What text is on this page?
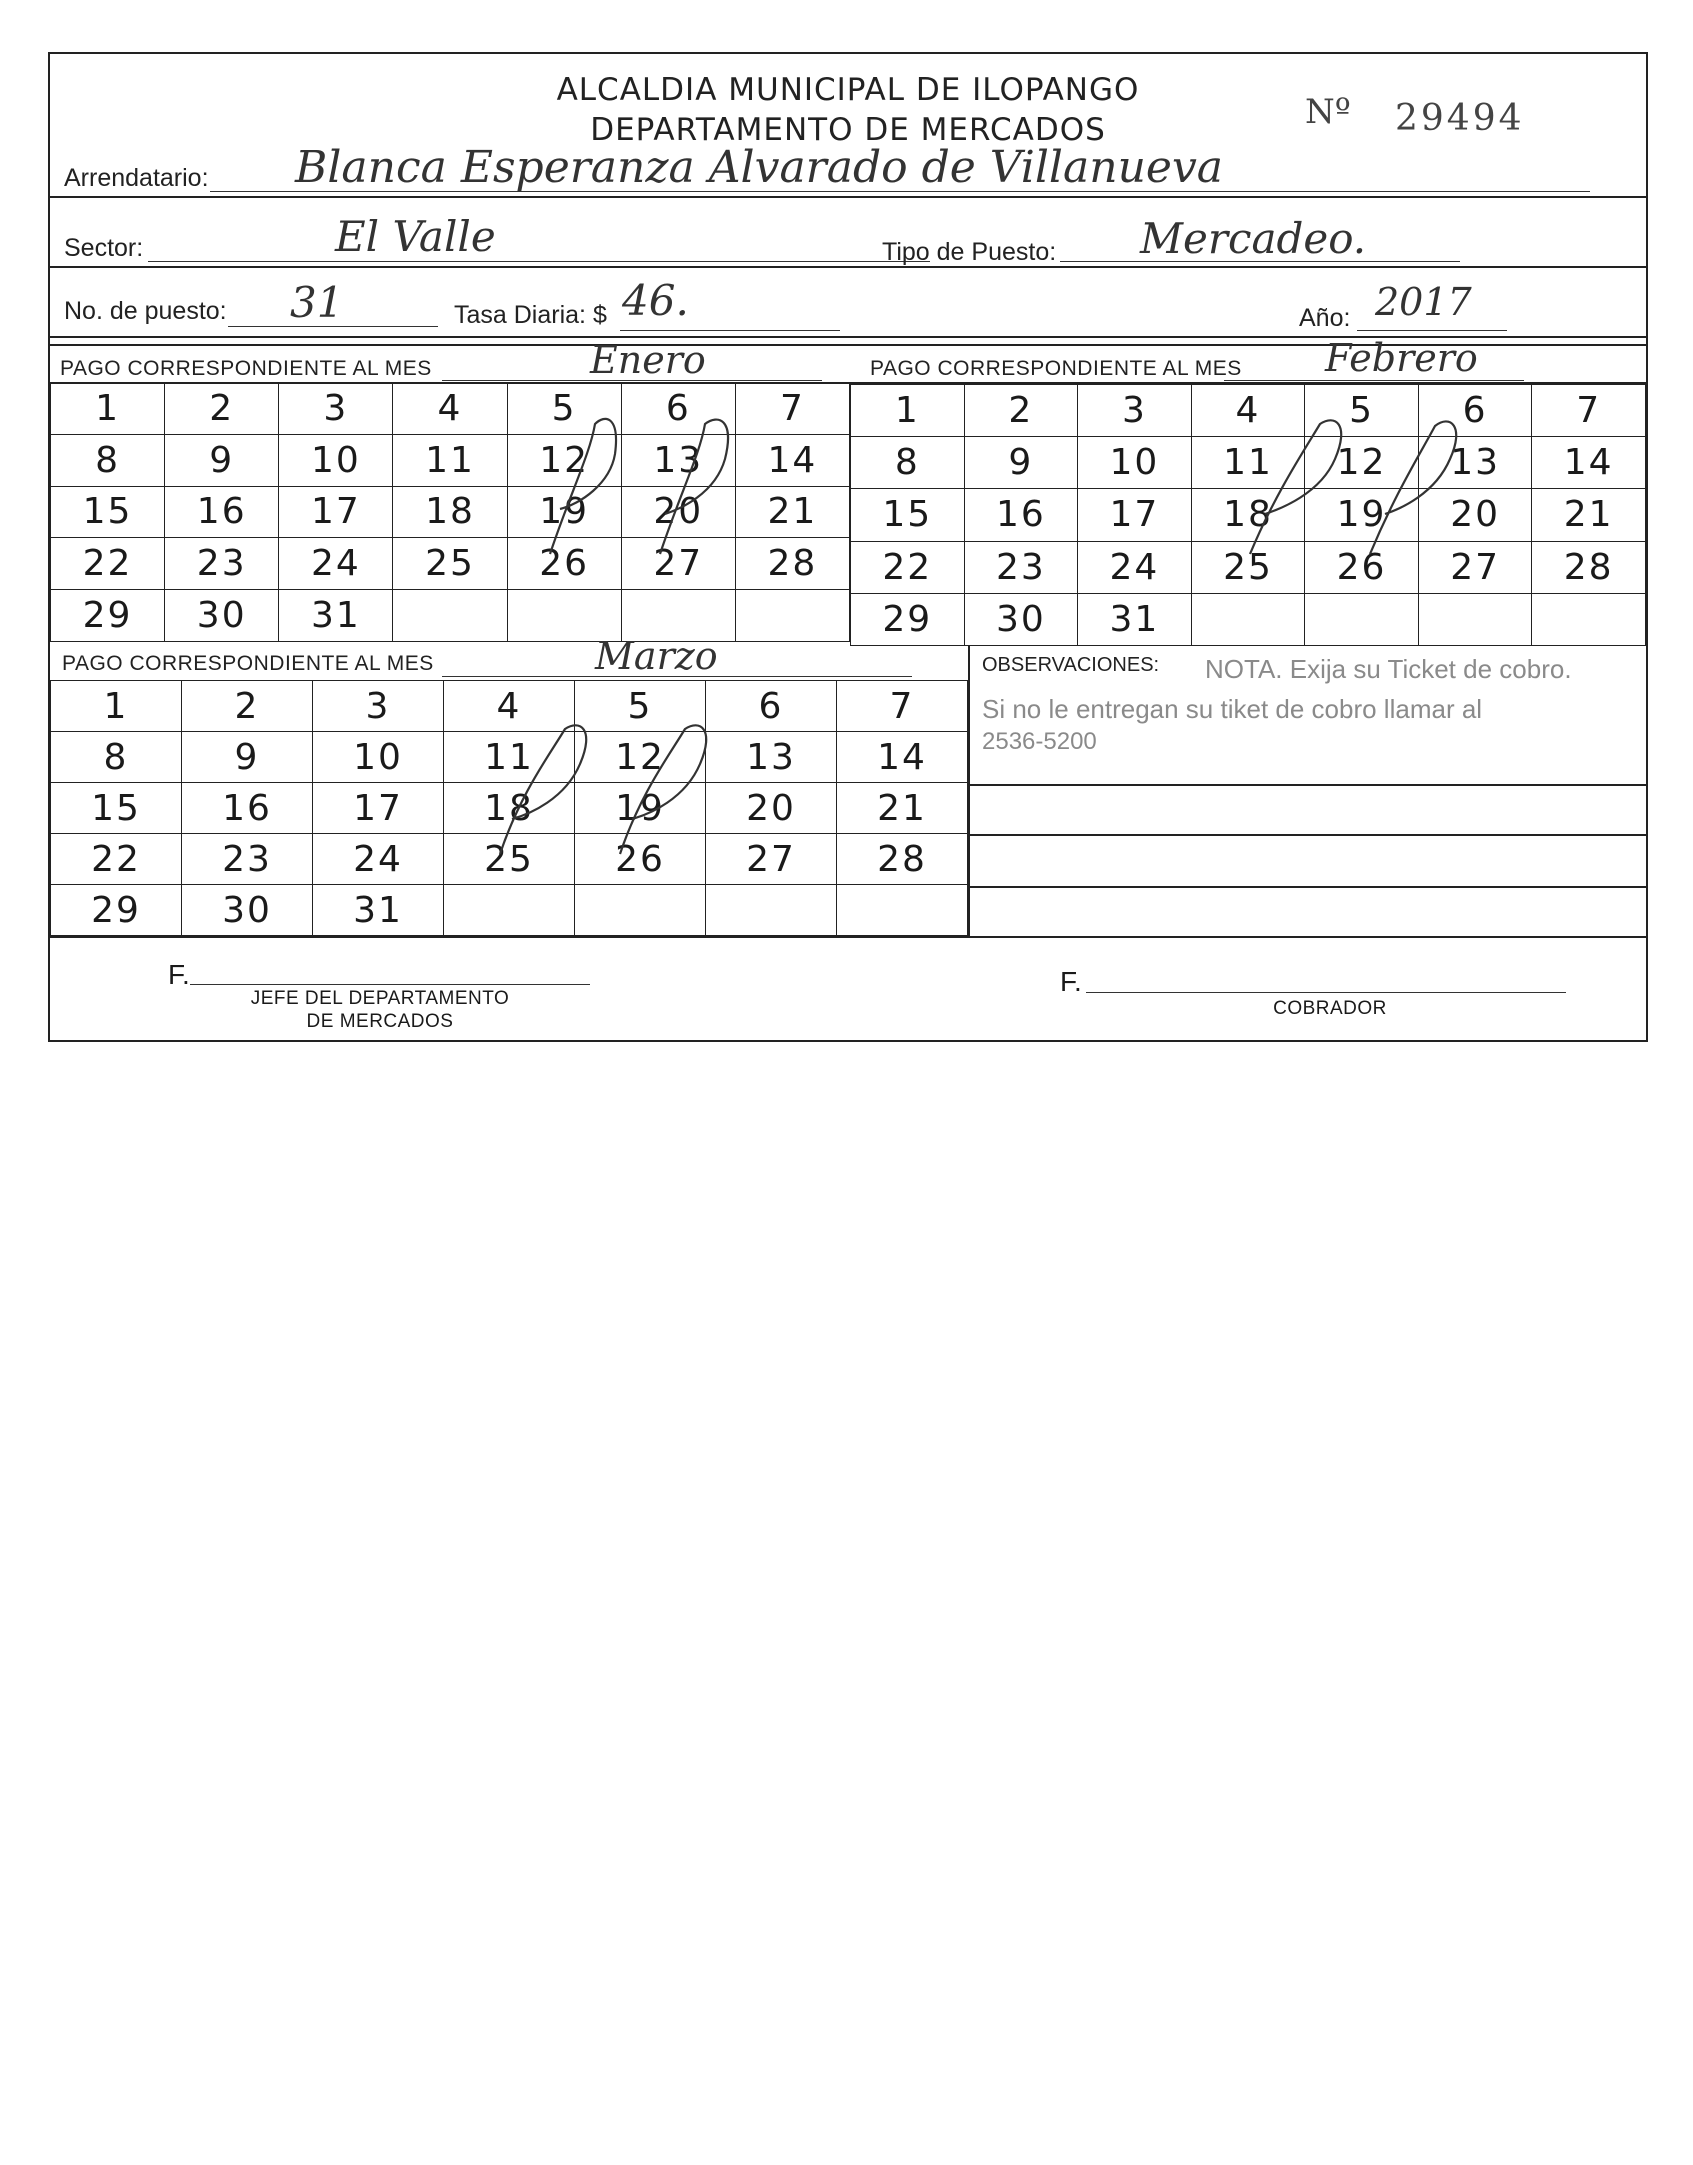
ALCALDIA MUNICIPAL DE ILOPANGO
DEPARTAMENTO DE MERCADOS	Nº 29494
Arrendatario: Blanca Esperanza Alvarado de Villanueva
Sector:	El Valle	Tipo de Puesto: Mercadeo.
No. de puesto: 31	Tasa Diaria: $ 46.	Año: 2017
PAGO CORRESPONDIENTE AL MES	Enero	PAGO CORRESPONDIENTE AL MES Febrero
1	2	3	4	5	6	7
8	9	10	11	12	13	14
15	16	17	18	19	20	21
22	23	24	25	26	27	28
29	30	31				
1	2	3	4	5	6	7
8	9	10	11	12	13	14
15	16	17	18	19	20	21
22	23	24	25	26	27	28
29	30	31				
PAGO CORRESPONDIENTE AL MES	Marzo
1	2	3	4	5	6	7
8	9	10	11	12	13	14
15	16	17	18	19	20	21
22	23	24	25	26	27	28
29	30	31				
OBSERVACIONES: NOTA. Exija su Ticket de cobro.
Si no le entregan su tiket de cobro llamar al
2536-5200
F.
JEFE DEL DEPARTAMENTO
DE MERCADOS
F.
COBRADOR
